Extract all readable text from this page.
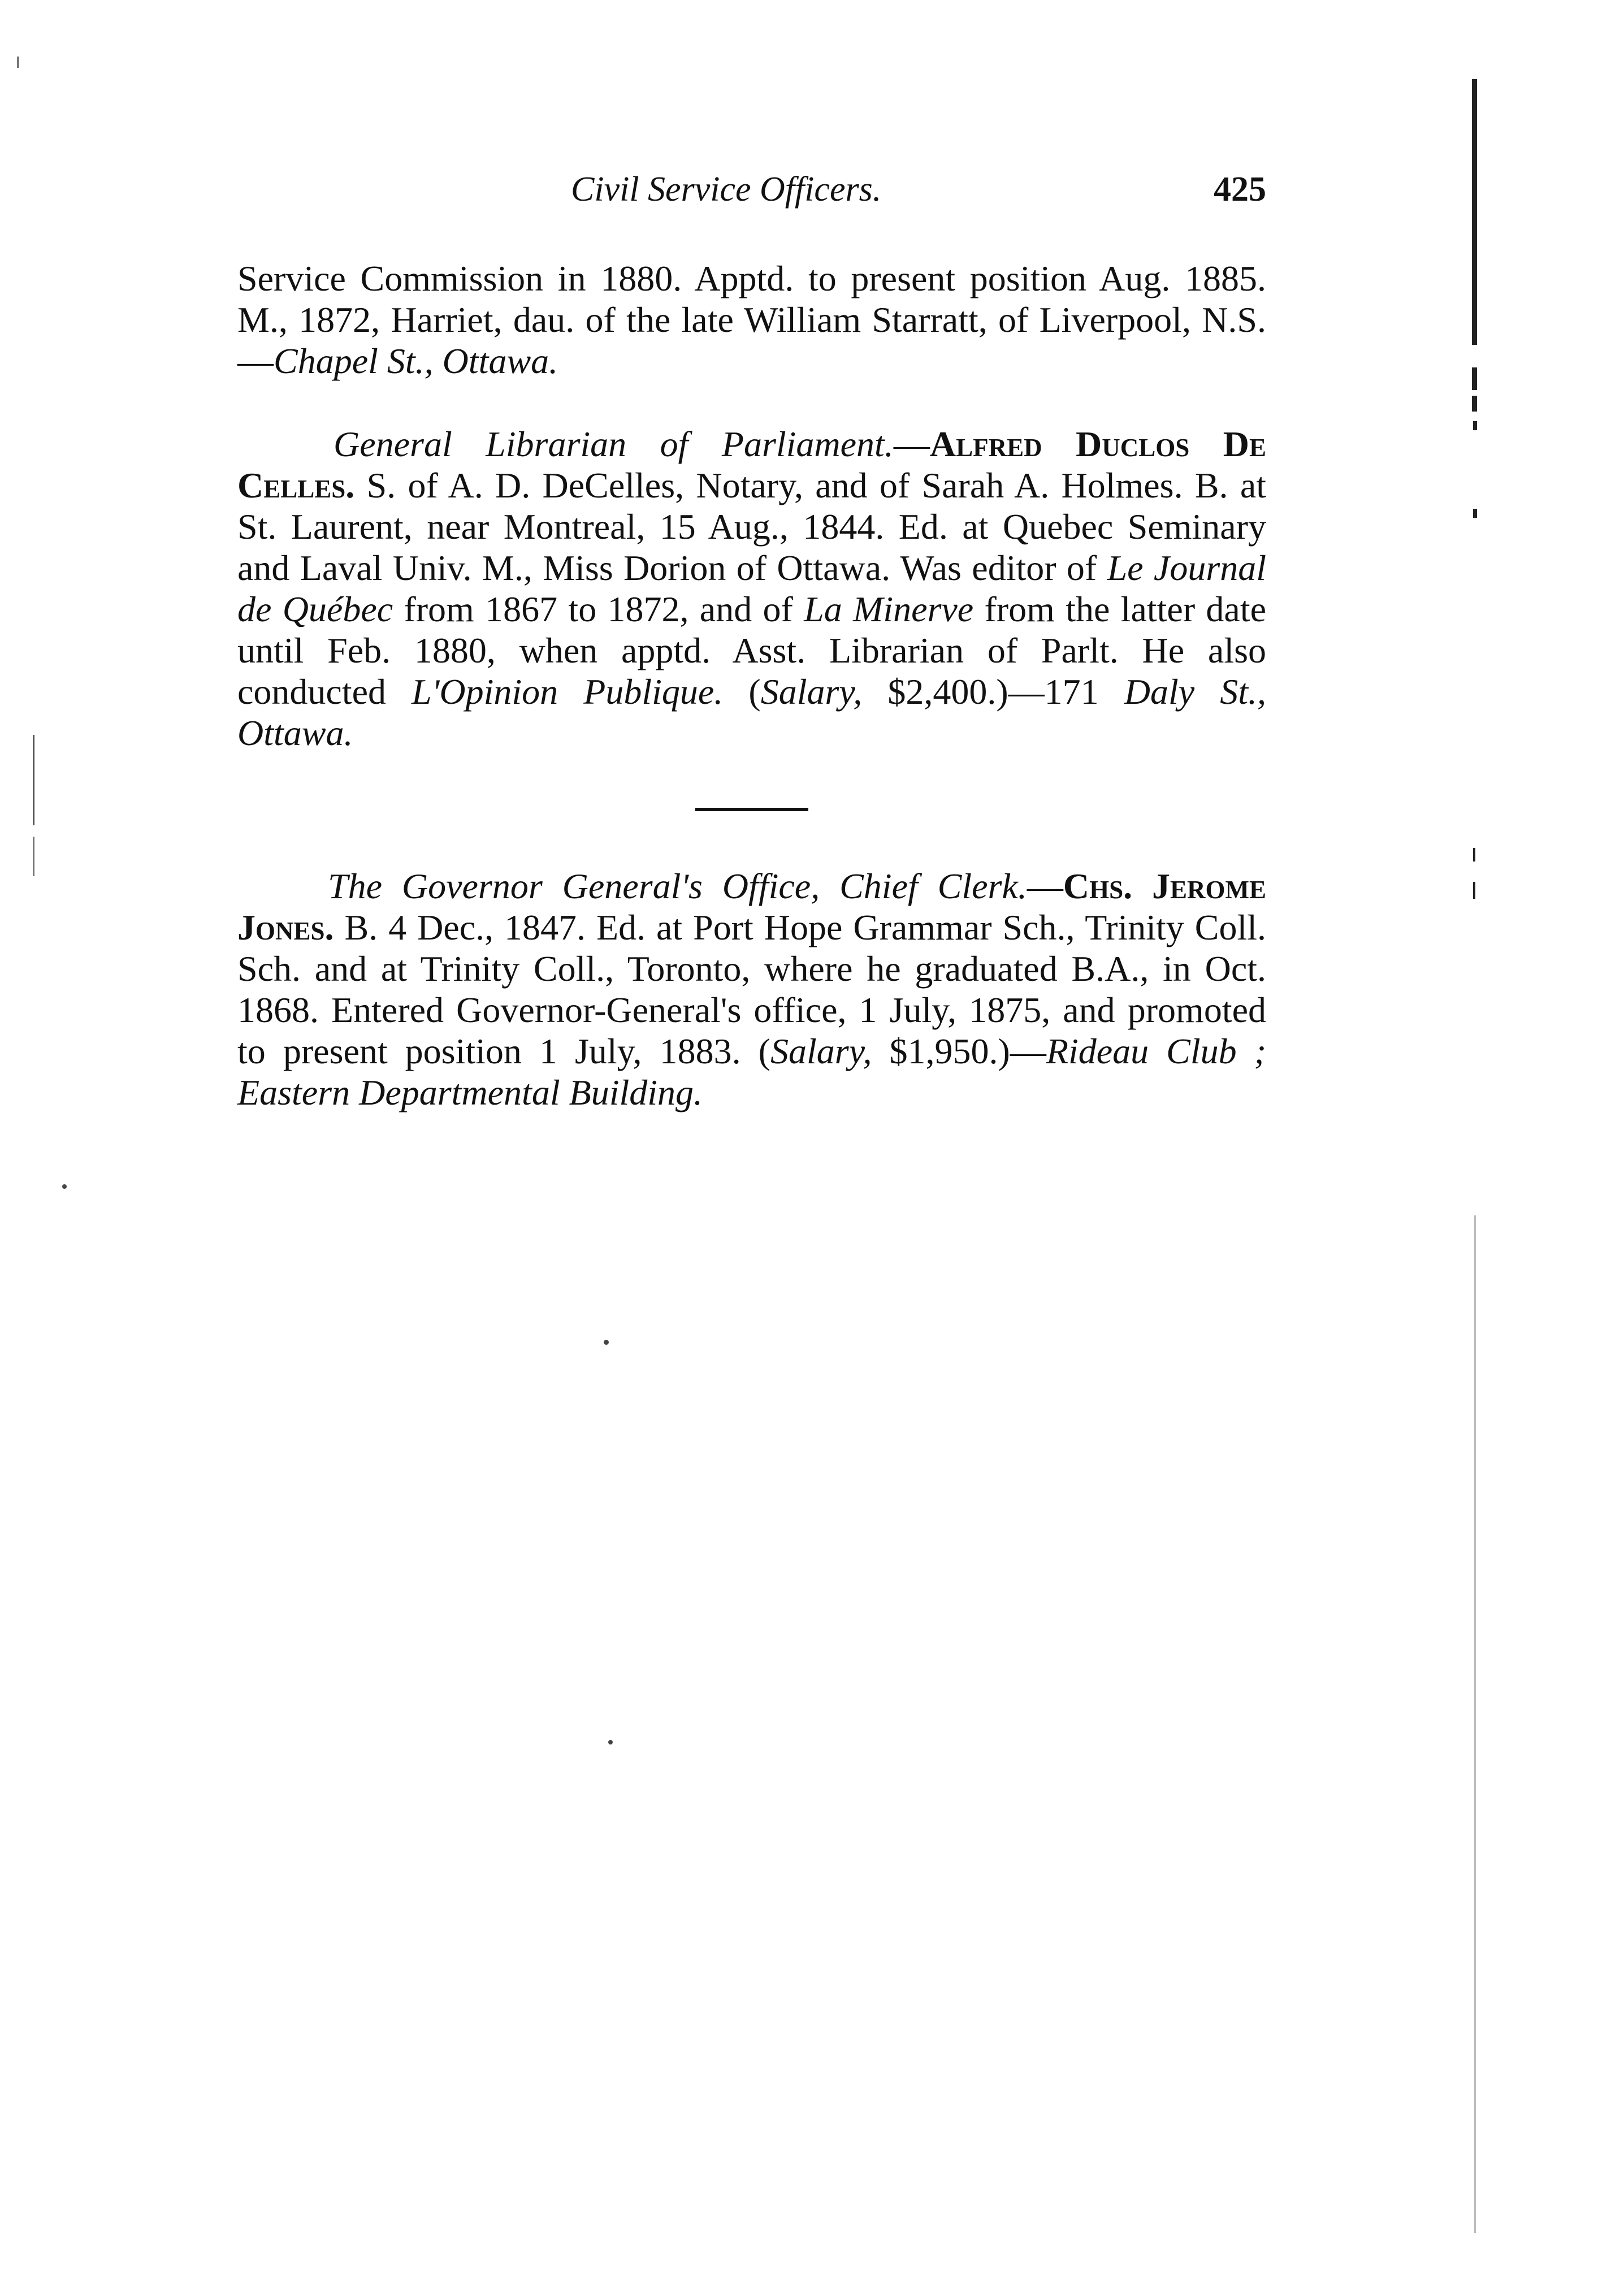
Civil Service Officers.	425

Service Commission in 1880. Apptd. to present position Aug. 1885. M., 1872, Harriet, dau. of the late William Starratt, of Liverpool, N.S.—Chapel St., Ottawa.

General Librarian of Parliament.—Alfred Duclos De Celles. S. of A. D. DeCelles, Notary, and of Sarah A. Holmes. B. at St. Laurent, near Montreal, 15 Aug., 1844. Ed. at Quebec Seminary and Laval Univ. M., Miss Dorion of Ottawa. Was editor of Le Journal de Québec from 1867 to 1872, and of La Minerve from the latter date until Feb. 1880, when apptd. Asst. Librarian of Parlt. He also conducted L'Opinion Publique. (Salary, $2,400.)—171 Daly St., Ottawa.

The Governor General's Office, Chief Clerk.—Chs. Jerome Jones. B. 4 Dec., 1847. Ed. at Port Hope Grammar Sch., Trinity Coll. Sch. and at Trinity Coll., Toronto, where he graduated B.A., in Oct. 1868. Entered Governor-General's office, 1 July, 1875, and promoted to present position 1 July, 1883. (Salary, $1,950.)—Rideau Club ; Eastern Departmental Building.
